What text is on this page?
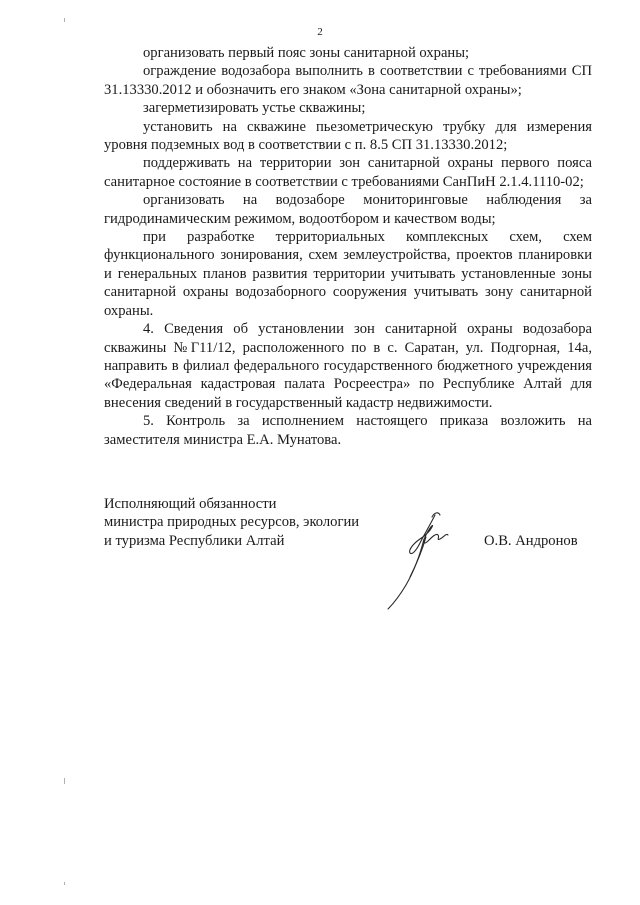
2

организовать первый пояс зоны санитарной охраны;

ограждение водозабора выполнить в соответствии с требованиями СП 31.13330.2012 и обозначить его знаком «Зона санитарной охраны»;

загерметизировать устье скважины;

установить на скважине пьезометрическую трубку для измерения уровня подземных вод в соответствии с п. 8.5 СП 31.13330.2012;

поддерживать на территории зон санитарной охраны первого пояса санитарное состояние в соответствии с требованиями СанПиН 2.1.4.1110-02;

организовать на водозаборе мониторинговые наблюдения за гидродинамическим режимом, водоотбором и качеством воды;

при разработке территориальных комплексных схем, схем функционального зонирования, схем землеустройства, проектов планировки и генеральных планов развития территории учитывать установленные зоны санитарной охраны водозаборного сооружения учитывать зону санитарной охраны.

4. Сведения об установлении зон санитарной охраны водозабора скважины №Г11/12, расположенного по в с. Саратан, ул. Подгорная, 14а, направить в филиал федерального государственного бюджетного учреждения «Федеральная кадастровая палата Росреестра» по Республике Алтай для внесения сведений в государственный кадастр недвижимости.

5. Контроль за исполнением настоящего приказа возложить на заместителя министра Е.А. Мунатова.

Исполняющий обязанности
министра природных ресурсов, экологии
и туризма Республики Алтай	О.В. Андронов
